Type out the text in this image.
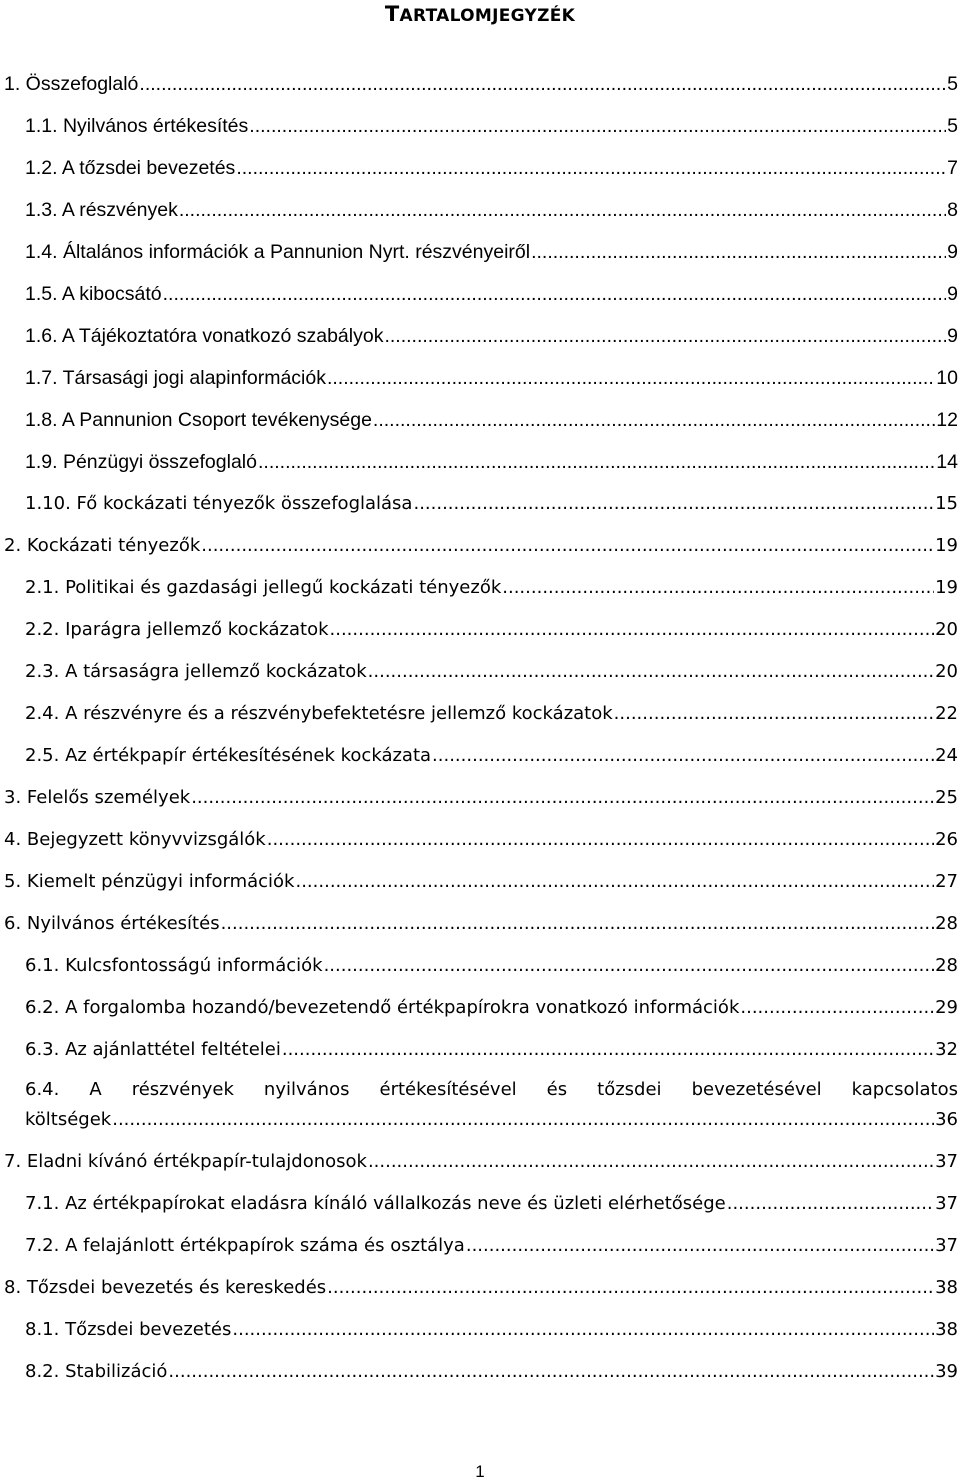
TARTALOMJEGYZÉK
1. Összefoglaló .....	5
1.1. Nyilvános értékesítés .....	5
1.2. A tőzsdei bevezetés .....	7
1.3. A részvények .....	8
1.4. Általános információk a Pannunion Nyrt. részvényeiről .....	9
1.5. A kibocsátó .....	9
1.6. A Tájékoztatóra vonatkozó szabályok .....	9
1.7. Társasági jogi alapinformációk .....	10
1.8. A Pannunion Csoport tevékenysége .....	12
1.9. Pénzügyi összefoglaló .....	14
1.10. Fő kockázati tényezők összefoglalása .....	15
2. Kockázati tényezők .....	19
2.1. Politikai és gazdasági jellegű kockázati tényezők .....	19
2.2. Iparágra jellemző kockázatok .....	20
2.3. A társaságra jellemző kockázatok .....	20
2.4. A részvényre és a részvénybefektetésre jellemző kockázatok .....	22
2.5. Az értékpapír értékesítésének kockázata .....	24
3. Felelős személyek .....	25
4. Bejegyzett könyvvizsgálók .....	26
5. Kiemelt pénzügyi információk .....	27
6. Nyilvános értékesítés .....	28
6.1. Kulcsfontosságú információk .....	28
6.2. A forgalomba hozandó/bevezetendő értékpapírokra vonatkozó információk .....	29
6.3. Az ajánlattétel feltételei .....	32
6.4. A részvények nyilvános értékesítésével és tőzsdei bevezetésével kapcsolatos
költségek .....	36
7. Eladni kívánó értékpapír-tulajdonosok .....	37
7.1. Az értékpapírokat eladásra kínáló vállalkozás neve és üzleti elérhetősége .....	37
7.2. A felajánlott értékpapírok száma és osztálya .....	37
8. Tőzsdei bevezetés és kereskedés .....	38
8.1. Tőzsdei bevezetés .....	38
8.2. Stabilizáció .....	39
1
